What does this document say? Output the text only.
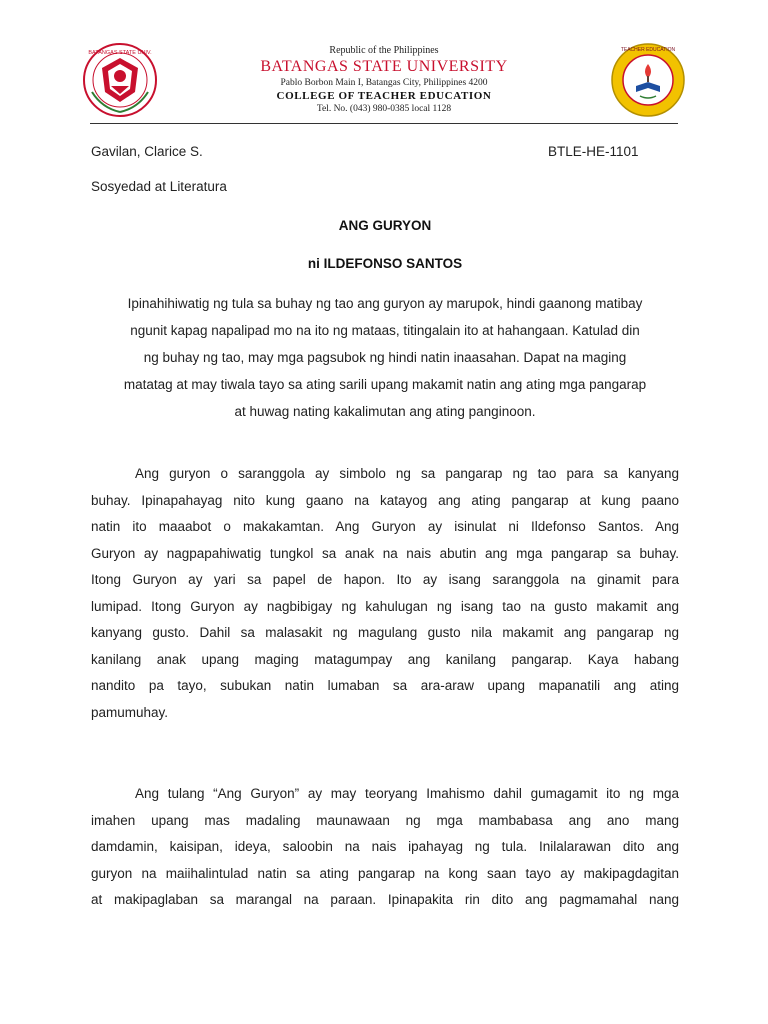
BATANGAS STATE UNIV.	Republic of the Philippines
BATANGAS STATE UNIVERSITY
Pablo Borbon Main I, Batangas City, Philippines 4200
COLLEGE OF TEACHER EDUCATION
Tel. No. (043) 980-0385 local 1128
TEACHER EDUCATION
Gavilan, Clarice S.	BTLE-HE-1101
Sosyedad at Literatura
ANG GURYON
ni ILDEFONSO SANTOS
Ipinahihiwatig ng tula sa buhay ng tao ang guryon ay marupok, hindi gaanong matibay
ngunit kapag napalipad mo na ito ng mataas, titingalain ito at hahangaan. Katulad din
ng buhay ng tao, may mga pagsubok ng hindi natin inaasahan. Dapat na maging
matatag at may tiwala tayo sa ating sarili upang makamit natin ang ating mga pangarap
at huwag nating kakalimutan ang ating panginoon.
Ang guryon o saranggola ay simbolo ng sa pangarap ng tao para sa kanyang
buhay. Ipinapahayag nito kung gaano na katayog ang ating pangarap at kung paano
natin ito maaabot o makakamtan. Ang Guryon ay isinulat ni Ildefonso Santos. Ang
Guryon ay nagpapahiwatig tungkol sa anak na nais abutin ang mga pangarap sa buhay.
Itong Guryon ay yari sa papel de hapon. Ito ay isang saranggola na ginamit para
lumipad. Itong Guryon ay nagbibigay ng kahulugan ng isang tao na gusto makamit ang
kanyang gusto. Dahil sa malasakit ng magulang gusto nila makamit ang pangarap ng
kanilang anak upang maging matagumpay ang kanilang pangarap. Kaya habang
nandito pa tayo, subukan natin lumaban sa ara-araw upang mapanatili ang ating
pamumuhay.
Ang tulang “Ang Guryon” ay may teoryang Imahismo dahil gumagamit ito ng mga
imahen upang mas madaling maunawaan ng mga mambabasa ang ano mang
damdamin, kaisipan, ideya, saloobin na nais ipahayag ng tula. Inilalarawan dito ang
guryon na maiihalintulad natin sa ating pangarap na kong saan tayo ay makipagdagitan
at makipaglaban sa marangal na paraan. Ipinapakita rin dito ang pagmamahal nang
